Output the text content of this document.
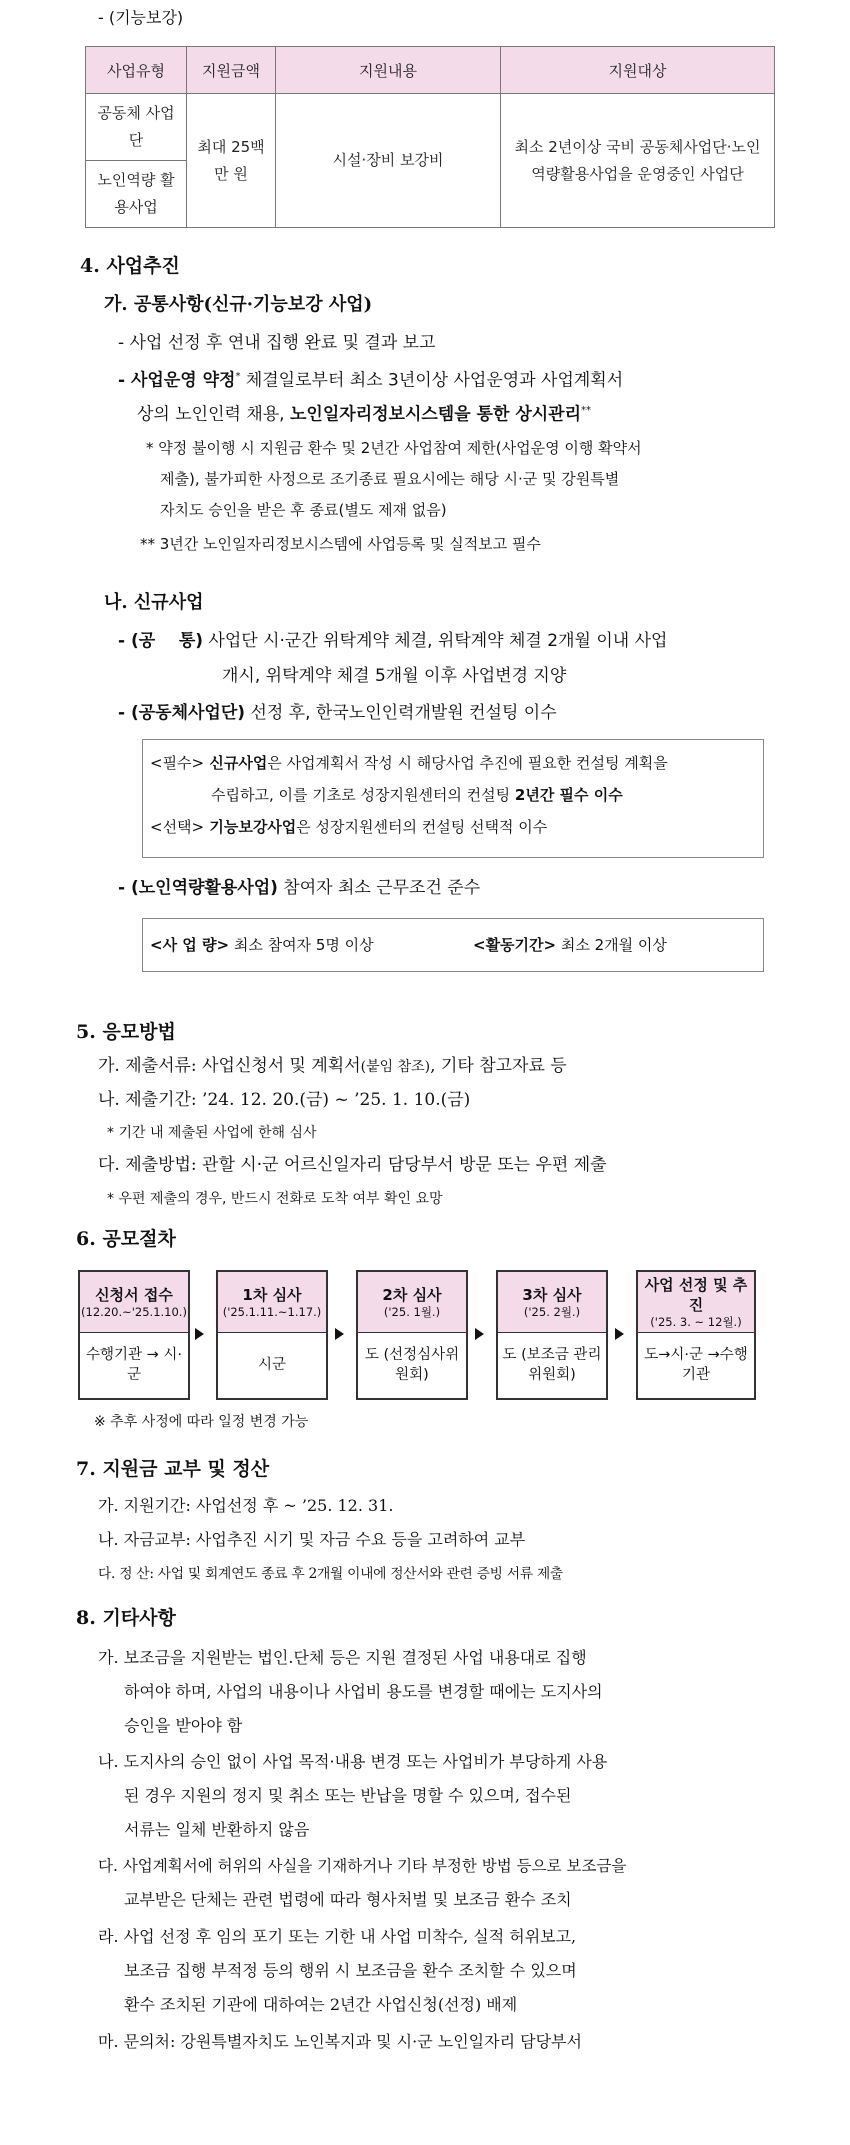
- (기능보강)
사업유형	지원금액	지원내용	지원대상
공동체 사업단	최대 25백만 원	시설·장비 보강비	최소 2년이상 국비 공동체사업단·노인역량활용사업을 운영중인 사업단
노인역량 활용사업			
4. 사업추진
가. 공통사항(신규·기능보강 사업)
- 사업 선정 후 연내 집행 완료 및 결과 보고
- 사업운영 약정* 체결일로부터 최소 3년이상 사업운영과 사업계획서
상의 노인인력 채용, 노인일자리정보시스템을 통한 상시관리**
* 약정 불이행 시 지원금 환수 및 2년간 사업참여 제한(사업운영 이행 확약서
제출), 불가피한 사정으로 조기종료 필요시에는 해당 시·군 및 강원특별
자치도 승인을 받은 후 종료(별도 제재 없음)
** 3년간 노인일자리정보시스템에 사업등록 및 실적보고 필수
나. 신규사업
- (공    통) 사업단 시·군간 위탁계약 체결, 위탁계약 체결 2개월 이내 사업
개시, 위탁계약 체결 5개월 이후 사업변경 지양
- (공동체사업단) 선정 후, 한국노인인력개발원 컨설팅 이수
<필수> 신규사업은 사업계획서 작성 시 해당사업 추진에 필요한 컨설팅 계획을
수립하고, 이를 기초로 성장지원센터의 컨설팅 2년간 필수 이수
<선택> 기능보강사업은 성장지원센터의 컨설팅 선택적 이수
- (노인역량활용사업) 참여자 최소 근무조건 준수
<사 업 량> 최소 참여자 5명 이상	<활동기간> 최소 2개월 이상
5. 응모방법
가. 제출서류: 사업신청서 및 계획서(붙임 참조), 기타 참고자료 등
나. 제출기간: ’24. 12. 20.(금) ~ ’25. 1. 10.(금)
* 기간 내 제출된 사업에 한해 심사
다. 제출방법: 관할 시·군 어르신일자리 담당부서 방문 또는 우편 제출
* 우편 제출의 경우, 반드시 전화로 도착 여부 확인 요망
6. 공모절차
신청서 접수
(12.20.~'25.1.10.)
수행기관 → 시·군
1차 심사
('25.1.11.~1.17.)
시군
2차 심사
('25. 1월.)
도 (선정심사위원회)
3차 심사
('25. 2월.)
도 (보조금 관리위원회)
사업 선정 및 추진
('25. 3. ~ 12월.)
도→시·군 →수행기관
※ 추후 사정에 따라 일정 변경 가능
7. 지원금 교부 및 정산
가. 지원기간: 사업선정 후 ~ ’25. 12. 31.
나. 자금교부: 사업추진 시기 및 자금 수요 등을 고려하여 교부
다. 정 산: 사업 및 회계연도 종료 후 2개월 이내에 정산서와 관련 증빙 서류 제출
8. 기타사항
가. 보조금을 지원받는 법인.단체 등은 지원 결정된 사업 내용대로 집행
하여야 하며, 사업의 내용이나 사업비 용도를 변경할 때에는 도지사의
승인을 받아야 함
나. 도지사의 승인 없이 사업 목적·내용 변경 또는 사업비가 부당하게 사용
된 경우 지원의 정지 및 취소 또는 반납을 명할 수 있으며, 접수된
서류는 일체 반환하지 않음
다. 사업계획서에 허위의 사실을 기재하거나 기타 부정한 방법 등으로 보조금을
교부받은 단체는 관련 법령에 따라 형사처벌 및 보조금 환수 조치
라. 사업 선정 후 임의 포기 또는 기한 내 사업 미착수, 실적 허위보고,
보조금 집행 부적정 등의 행위 시 보조금을 환수 조치할 수 있으며
환수 조치된 기관에 대하여는 2년간 사업신청(선정) 배제
마. 문의처: 강원특별자치도 노인복지과 및 시·군 노인일자리 담당부서
